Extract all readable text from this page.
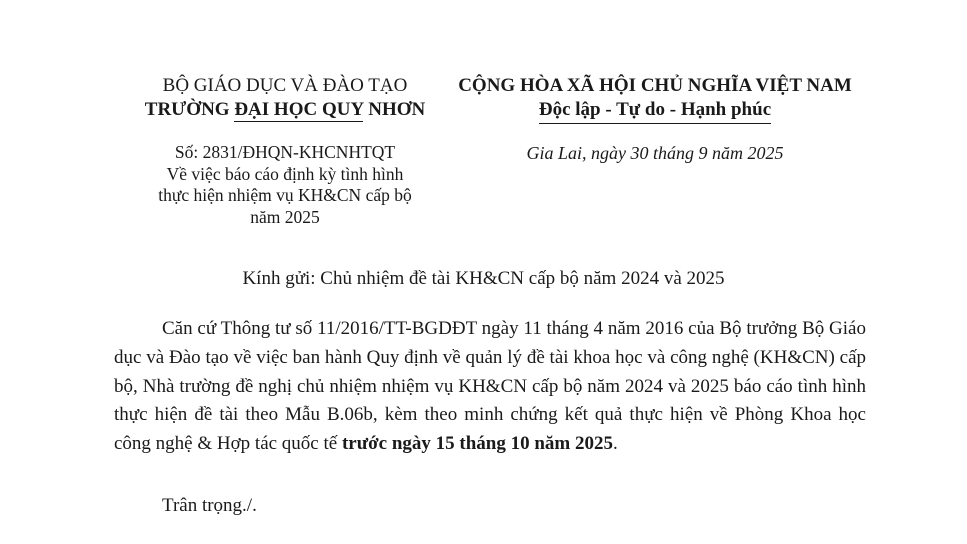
BỘ GIÁO DỤC VÀ ĐÀO TẠO
TRƯỜNG ĐẠI HỌC QUY NHƠN
CỘNG HÒA XÃ HỘI CHỦ NGHĨA VIỆT NAM
Độc lập - Tự do - Hạnh phúc
Số: 2831/ĐHQN-KHCNHTQT
Về việc báo cáo định kỳ tình hình
thực hiện nhiệm vụ KH&CN cấp bộ
năm 2025
Gia Lai, ngày 30 tháng 9 năm 2025
Kính gửi: Chủ nhiệm đề tài KH&CN cấp bộ năm 2024 và 2025

Căn cứ Thông tư số 11/2016/TT-BGDĐT ngày 11 tháng 4 năm 2016 của Bộ trưởng Bộ Giáo dục và Đào tạo về việc ban hành Quy định về quản lý đề tài khoa học và công nghệ (KH&CN) cấp bộ, Nhà trường đề nghị chủ nhiệm nhiệm vụ KH&CN cấp bộ năm 2024 và 2025 báo cáo tình hình thực hiện đề tài theo Mẫu B.06b, kèm theo minh chứng kết quả thực hiện về Phòng Khoa học công nghệ & Hợp tác quốc tế trước ngày 15 tháng 10 năm 2025.

Trân trọng./.
